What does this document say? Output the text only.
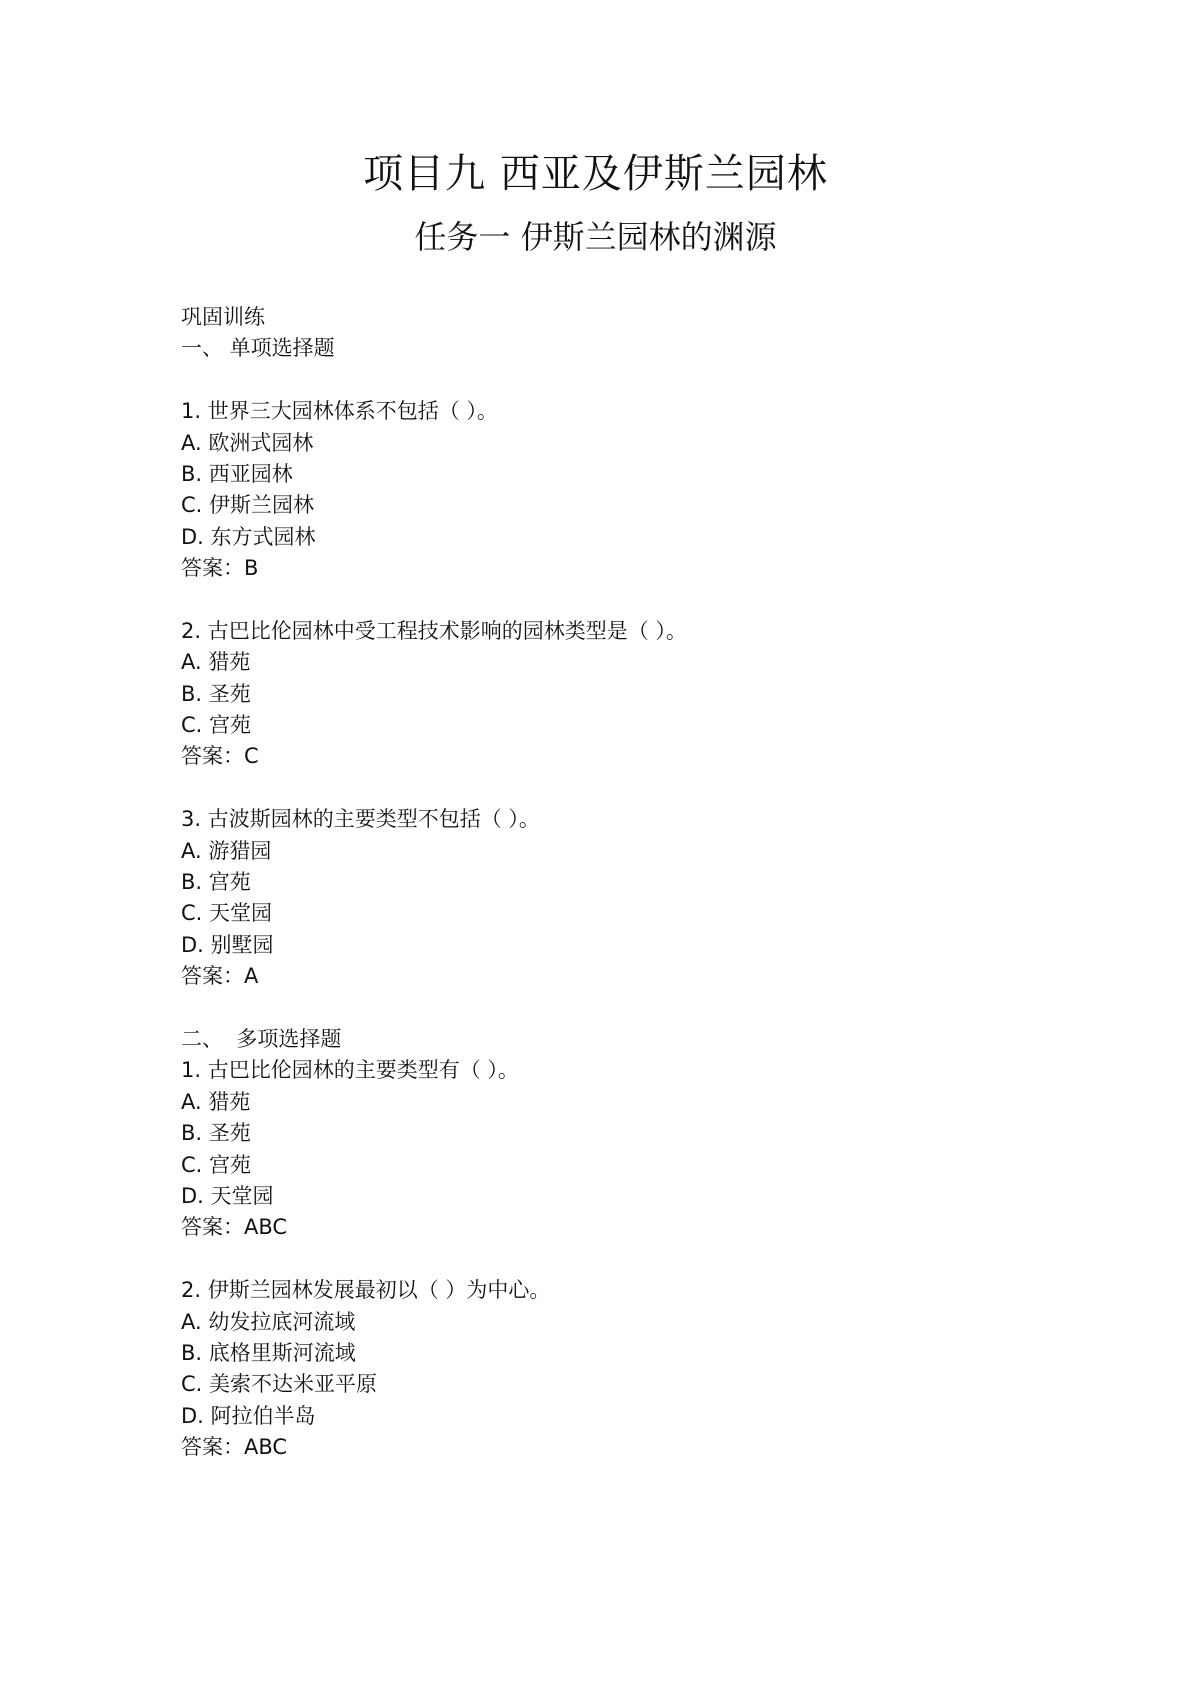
项目九 西亚及伊斯兰园林
任务一 伊斯兰园林的渊源
巩固训练
一、 单项选择题
1. 世界三大园林体系不包括（ ）。
A. 欧洲式园林
B. 西亚园林
C. 伊斯兰园林
D. 东方式园林
答案：B
2. 古巴比伦园林中受工程技术影响的园林类型是（ ）。
A. 猎苑
B. 圣苑
C. 宫苑
答案：C
3. 古波斯园林的主要类型不包括（ ）。
A. 游猎园
B. 宫苑
C. 天堂园
D. 别墅园
答案：A
二、  多项选择题
1. 古巴比伦园林的主要类型有（ ）。
A. 猎苑
B. 圣苑
C. 宫苑
D. 天堂园
答案：ABC
2. 伊斯兰园林发展最初以（ ）为中心。
A. 幼发拉底河流域
B. 底格里斯河流域
C. 美索不达米亚平原
D. 阿拉伯半岛
答案：ABC
